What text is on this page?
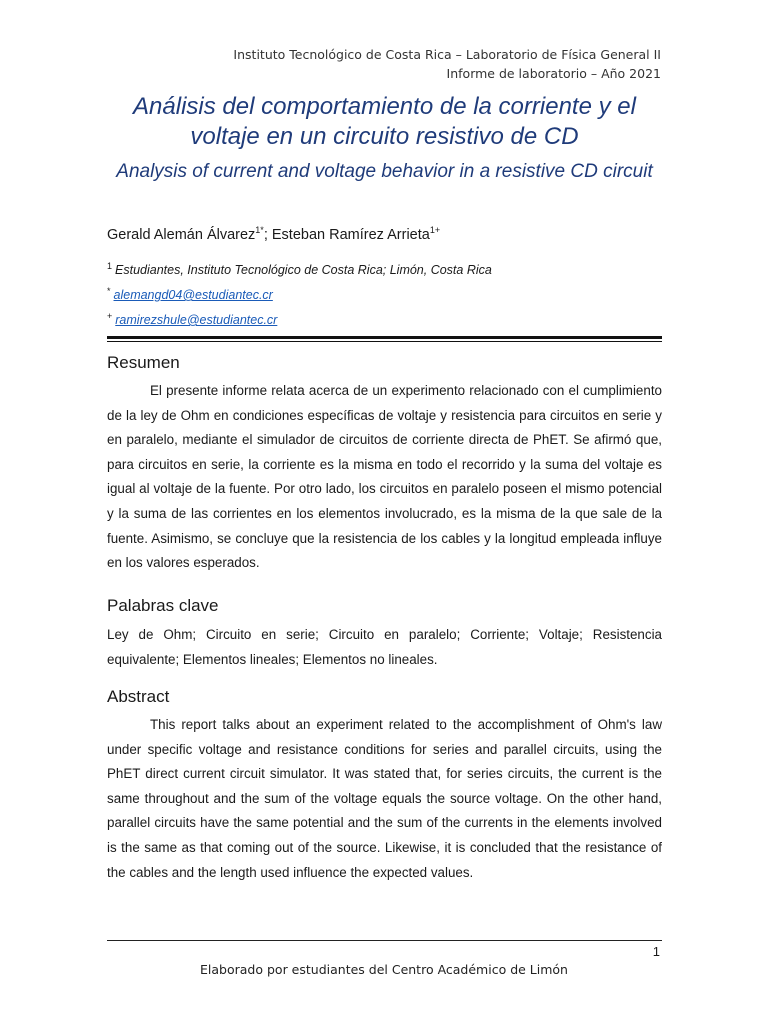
Instituto Tecnológico de Costa Rica – Laboratorio de Física General II
Informe de laboratorio – Año 2021
Análisis del comportamiento de la corriente y el voltaje en un circuito resistivo de CD
Analysis of current and voltage behavior in a resistive CD circuit
Gerald Alemán Álvarez$^{1*}$; Esteban Ramírez Arrieta$^{1+}$
$^1$ Estudiantes, Instituto Tecnológico de Costa Rica; Limón, Costa Rica
* alemangd04@estudiantec.cr
+ ramirezshule@estudiantec.cr
Resumen

El presente informe relata acerca de un experimento relacionado con el cumplimiento de la ley de Ohm en condiciones específicas de voltaje y resistencia para circuitos en serie y en paralelo, mediante el simulador de circuitos de corriente directa de PhET. Se afirmó que, para circuitos en serie, la corriente es la misma en todo el recorrido y la suma del voltaje es igual al voltaje de la fuente. Por otro lado, los circuitos en paralelo poseen el mismo potencial y la suma de las corrientes en los elementos involucrado, es la misma de la que sale de la fuente. Asimismo, se concluye que la resistencia de los cables y la longitud empleada influye en los valores esperados.

Palabras clave

Ley de Ohm; Circuito en serie; Circuito en paralelo; Corriente; Voltaje; Resistencia equivalente; Elementos lineales; Elementos no lineales.

Abstract

This report talks about an experiment related to the accomplishment of Ohm's law under specific voltage and resistance conditions for series and parallel circuits, using the PhET direct current circuit simulator. It was stated that, for series circuits, the current is the same throughout and the sum of the voltage equals the source voltage. On the other hand, parallel circuits have the same potential and the sum of the currents in the elements involved is the same as that coming out of the source. Likewise, it is concluded that the resistance of the cables and the length used influence the expected values.

1
Elaborado por estudiantes del Centro Académico de Limón
